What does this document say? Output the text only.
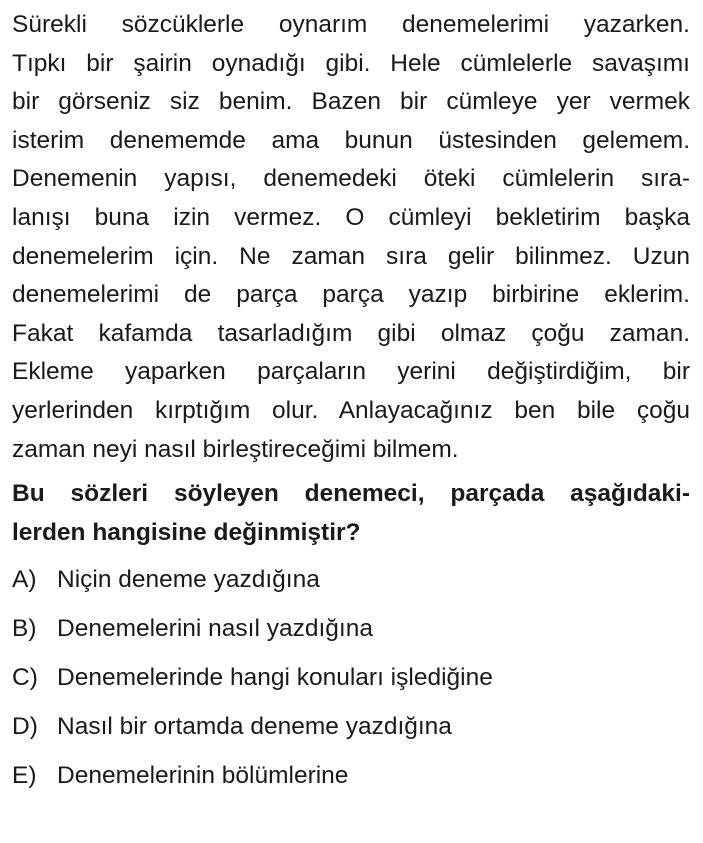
Sürekli sözcüklerle oynarım denemelerimi yazarken.
Tıpkı bir şairin oynadığı gibi. Hele cümlelerle savaşımı
bir görseniz siz benim. Bazen bir cümleye yer vermek
isterim denememde ama bunun üstesinden gelemem.
Denemenin yapısı, denemedeki öteki cümlelerin sıra-
lanışı buna izin vermez. O cümleyi bekletirim başka
denemelerim için. Ne zaman sıra gelir bilinmez. Uzun
denemelerimi de parça parça yazıp birbirine eklerim.
Fakat kafamda tasarladığım gibi olmaz çoğu zaman.
Ekleme yaparken parçaların yerini değiştirdiğim, bir
yerlerinden kırptığım olur. Anlayacağınız ben bile çoğu
zaman neyi nasıl birleştireceğimi bilmem.

Bu sözleri söyleyen denemeci, parçada aşağıdaki-
lerden hangisine değinmiştir?

A) Niçin deneme yazdığına
B) Denemelerini nasıl yazdığına
C) Denemelerinde hangi konuları işlediğine
D) Nasıl bir ortamda deneme yazdığına
E) Denemelerinin bölümlerine
